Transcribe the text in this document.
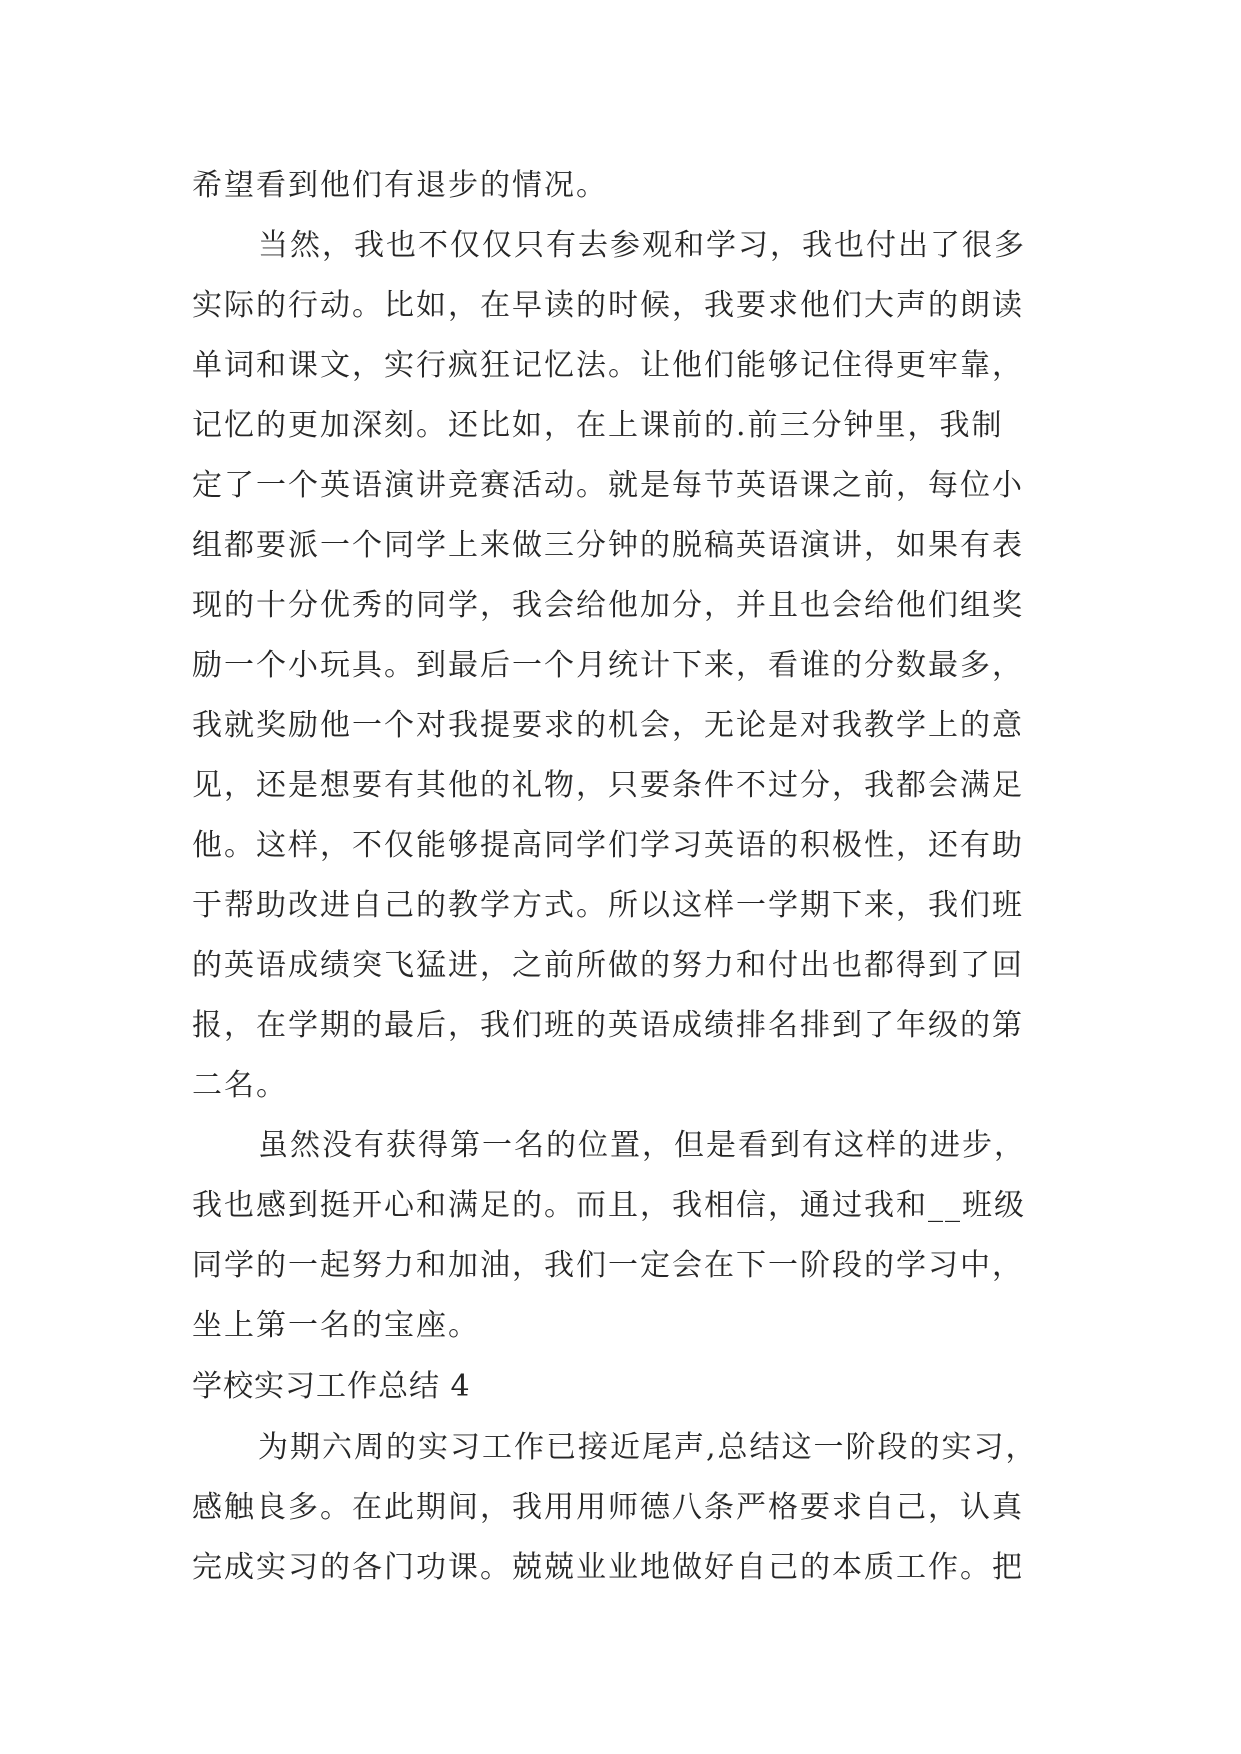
希望看到他们有退步的情况。
当然，我也不仅仅只有去参观和学习，我也付出了很多
实际的行动。比如，在早读的时候，我要求他们大声的朗读
单词和课文，实行疯狂记忆法。让他们能够记住得更牢靠，
记忆的更加深刻。还比如，在上课前的.前三分钟里，我制
定了一个英语演讲竞赛活动。就是每节英语课之前，每位小
组都要派一个同学上来做三分钟的脱稿英语演讲，如果有表
现的十分优秀的同学，我会给他加分，并且也会给他们组奖
励一个小玩具。到最后一个月统计下来，看谁的分数最多，
我就奖励他一个对我提要求的机会，无论是对我教学上的意
见，还是想要有其他的礼物，只要条件不过分，我都会满足
他。这样，不仅能够提高同学们学习英语的积极性，还有助
于帮助改进自己的教学方式。所以这样一学期下来，我们班
的英语成绩突飞猛进，之前所做的努力和付出也都得到了回
报，在学期的最后，我们班的英语成绩排名排到了年级的第
二名。
虽然没有获得第一名的位置，但是看到有这样的进步，
我也感到挺开心和满足的。而且，我相信，通过我和__班级
同学的一起努力和加油，我们一定会在下一阶段的学习中，
坐上第一名的宝座。
学校实习工作总结 4
为期六周的实习工作已接近尾声,总结这一阶段的实习，
感触良多。在此期间，我用用师德八条严格要求自己，认真
完成实习的各门功课。兢兢业业地做好自己的本质工作。把
